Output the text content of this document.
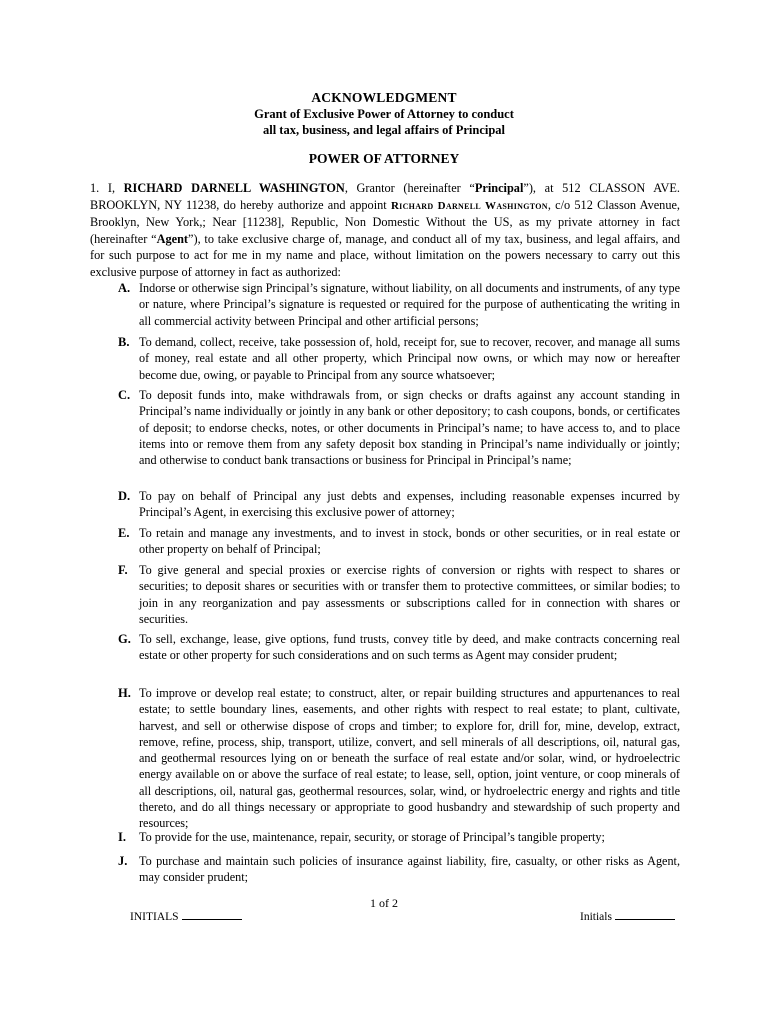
ACKNOWLEDGMENT
Grant of Exclusive Power of Attorney to conduct
all tax, business, and legal affairs of Principal
POWER OF ATTORNEY
1. I, RICHARD DARNELL WASHINGTON, Grantor (hereinafter “Principal”), at 512 CLASSON AVE. BROOKLYN, NY 11238, do hereby authorize and appoint Richard Darnell Washington, c/o 512 Classon Avenue, Brooklyn, New York,; Near [11238], Republic, Non Domestic Without the US, as my private attorney in fact (hereinafter “Agent”), to take exclusive charge of, manage, and conduct all of my tax, business, and legal affairs, and for such purpose to act for me in my name and place, without limitation on the powers necessary to carry out this exclusive purpose of attorney in fact as authorized:
A. Indorse or otherwise sign Principal’s signature, without liability, on all documents and instruments, of any type or nature, where Principal’s signature is requested or required for the purpose of authenticating the writing in all commercial activity between Principal and other artificial persons;
B. To demand, collect, receive, take possession of, hold, receipt for, sue to recover, recover, and manage all sums of money, real estate and all other property, which Principal now owns, or which may now or hereafter become due, owing, or payable to Principal from any source whatsoever;
C. To deposit funds into, make withdrawals from, or sign checks or drafts against any account standing in Principal’s name individually or jointly in any bank or other depository; to cash coupons, bonds, or certificates of deposit; to endorse checks, notes, or other documents in Principal’s name; to have access to, and to place items into or remove them from any safety deposit box standing in Principal’s name individually or jointly; and otherwise to conduct bank transactions or business for Principal in Principal’s name;
D. To pay on behalf of Principal any just debts and expenses, including reasonable expenses incurred by Principal’s Agent, in exercising this exclusive power of attorney;
E. To retain and manage any investments, and to invest in stock, bonds or other securities, or in real estate or other property on behalf of Principal;
F. To give general and special proxies or exercise rights of conversion or rights with respect to shares or securities; to deposit shares or securities with or transfer them to protective committees, or similar bodies; to join in any reorganization and pay assessments or subscriptions called for in connection with shares or securities.
G. To sell, exchange, lease, give options, fund trusts, convey title by deed, and make contracts concerning real estate or other property for such considerations and on such terms as Agent may consider prudent;
H. To improve or develop real estate; to construct, alter, or repair building structures and appurtenances to real estate; to settle boundary lines, easements, and other rights with respect to real estate; to plant, cultivate, harvest, and sell or otherwise dispose of crops and timber; to explore for, drill for, mine, develop, extract, remove, refine, process, ship, transport, utilize, convert, and sell minerals of all descriptions, oil, natural gas, and geothermal resources lying on or beneath the surface of real estate and/or solar, wind, or hydroelectric energy available on or above the surface of real estate; to lease, sell, option, joint venture, or coop minerals of all descriptions, oil, natural gas, geothermal resources, solar, wind, or hydroelectric energy and rights and title thereto, and do all things necessary or appropriate to good husbandry and stewardship of such property and resources;
I. To provide for the use, maintenance, repair, security, or storage of Principal’s tangible property;
J. To purchase and maintain such policies of insurance against liability, fire, casualty, or other risks as Agent, may consider prudent;
1 of 2
INITIALS	Initials
